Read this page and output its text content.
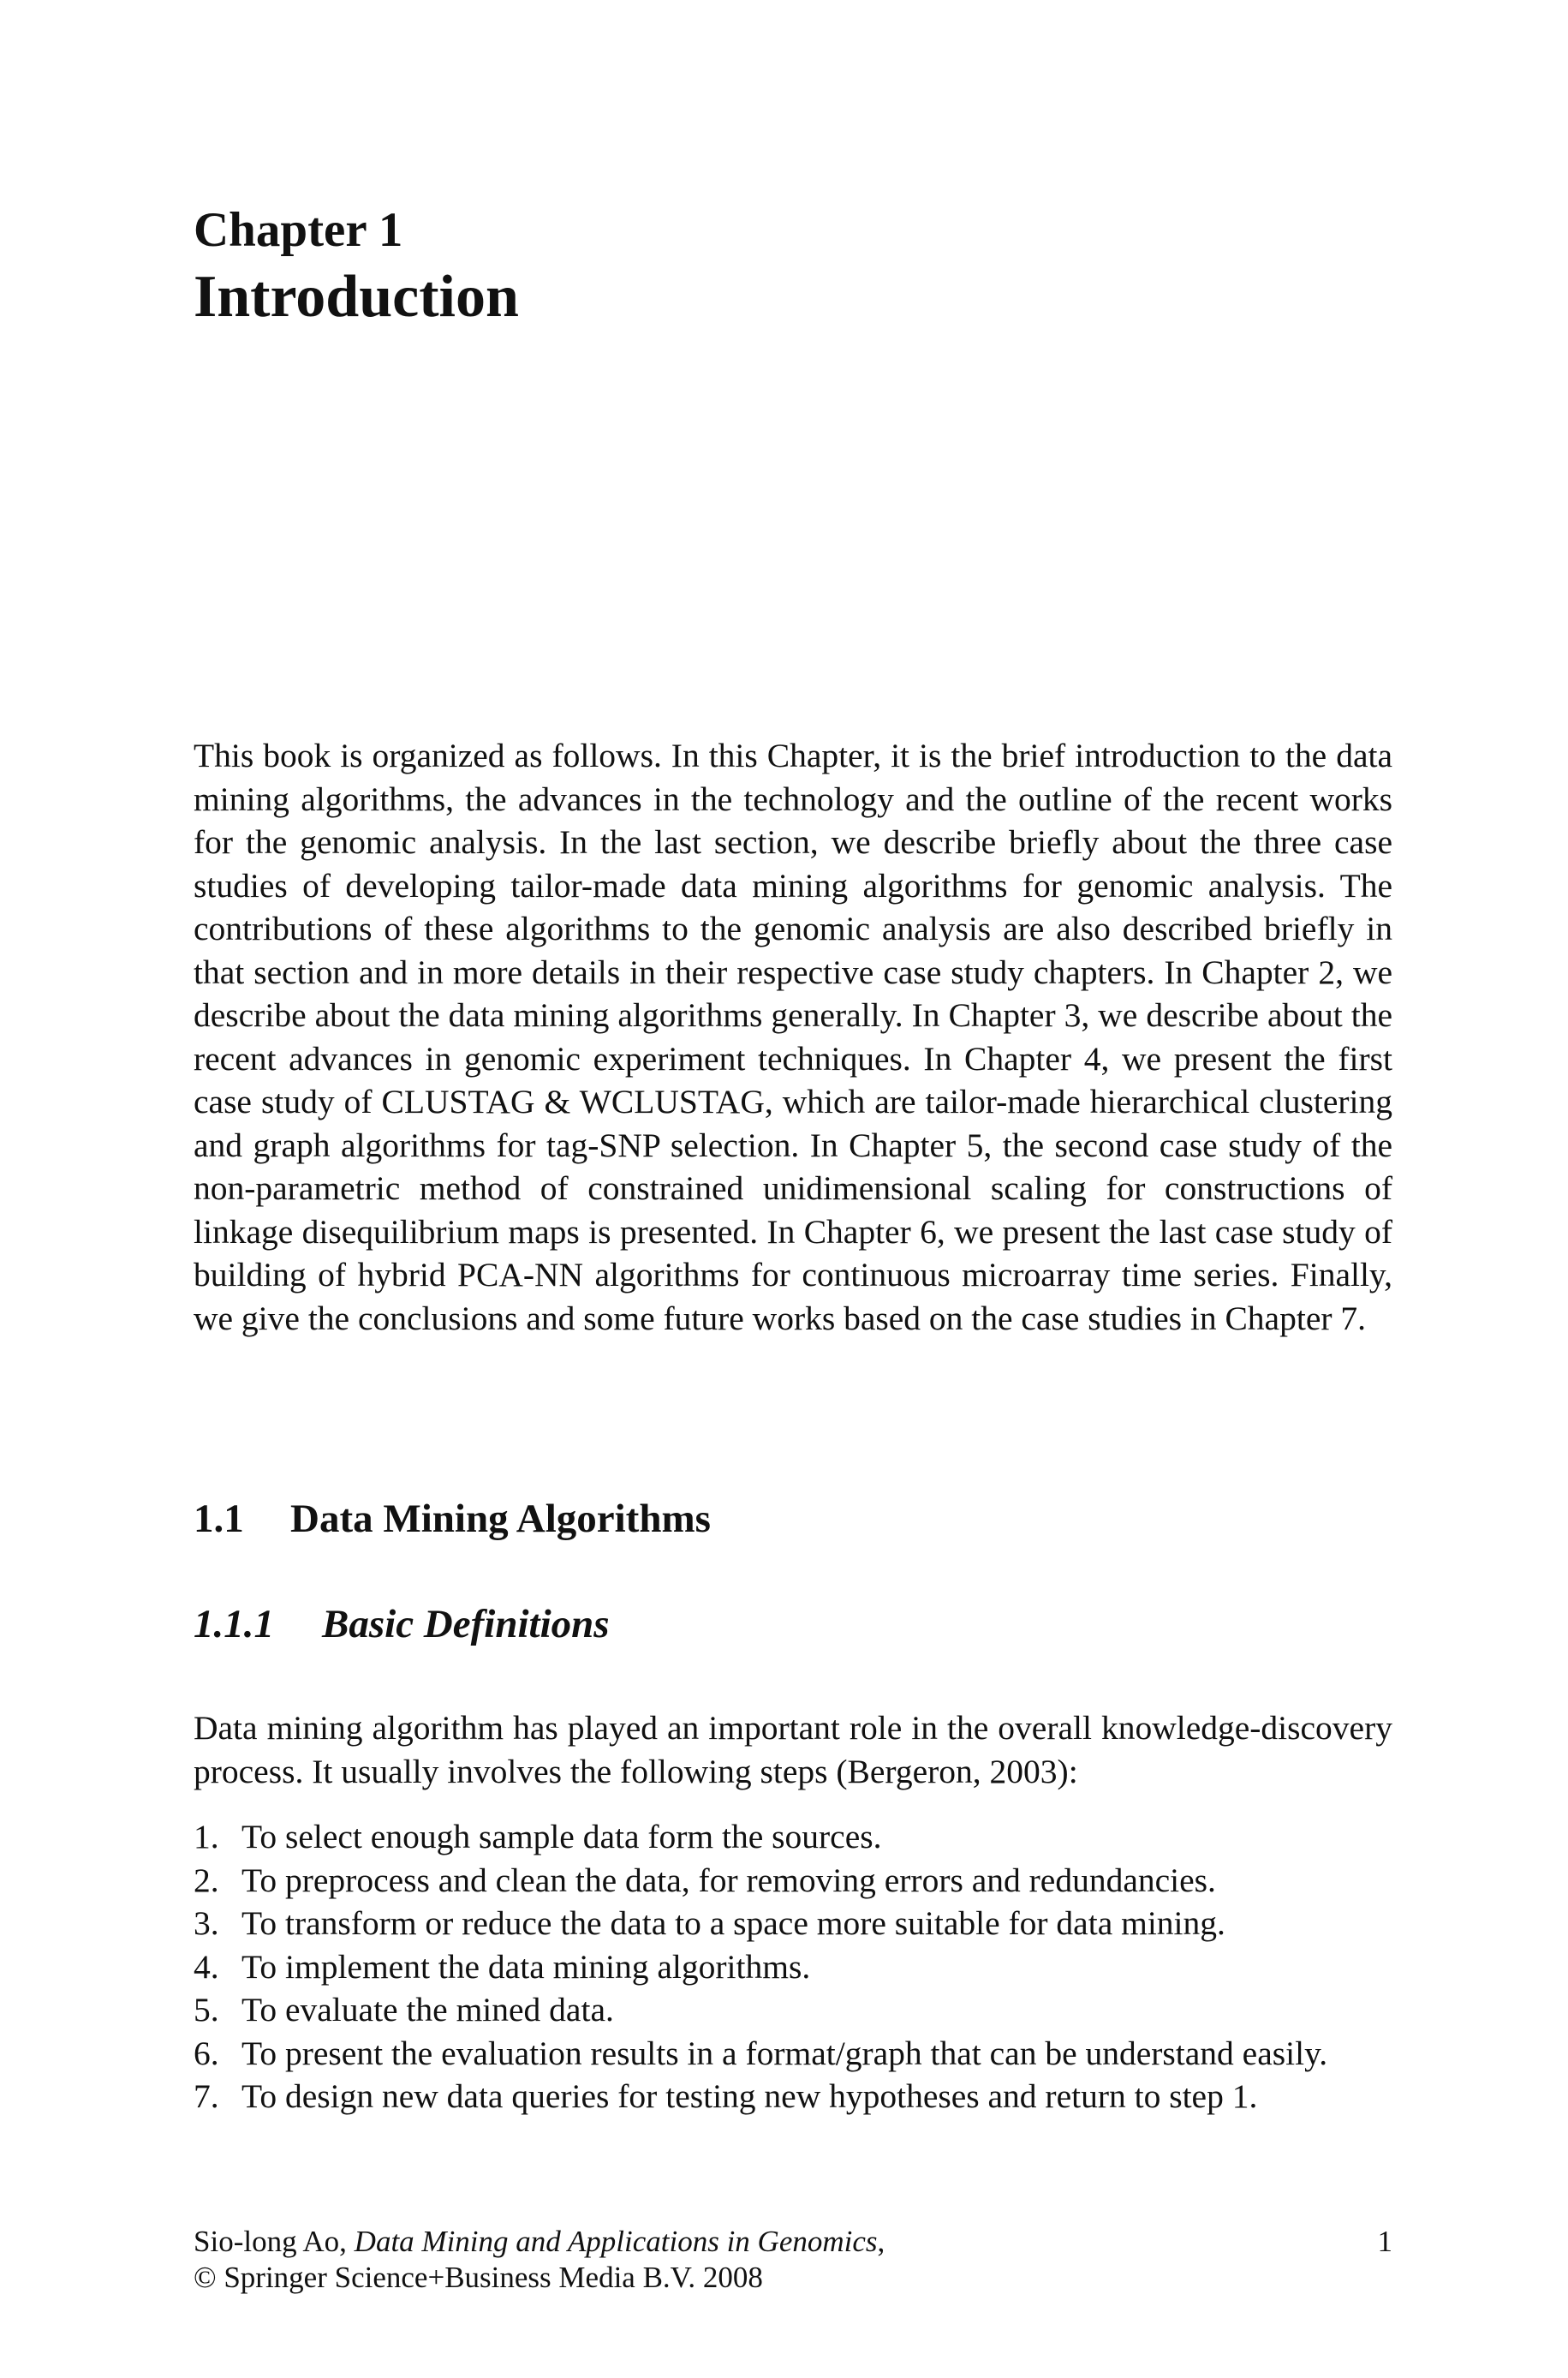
Chapter 1
Introduction

This book is organized as follows. In this Chapter, it is the brief introduction to the data mining algorithms, the advances in the technology and the outline of the recent works for the genomic analysis. In the last section, we describe briefly about the three case studies of developing tailor-made data mining algorithms for genomic analysis. The contributions of these algorithms to the genomic analysis are also described briefly in that section and in more details in their respective case study chapters. In Chapter 2, we describe about the data mining algorithms generally. In Chapter 3, we describe about the recent advances in genomic experiment techniques. In Chapter 4, we present the first case study of CLUSTAG & WCLUSTAG, which are tailor-made hierarchical clustering and graph algorithms for tag-SNP selection. In Chapter 5, the second case study of the non-parametric method of constrained unidimensional scaling for constructions of linkage disequilibrium maps is presented. In Chapter 6, we present the last case study of building of hybrid PCA-NN algorithms for continuous microarray time series. Finally, we give the conclusions and some future works based on the case studies in Chapter 7.

1.1 Data Mining Algorithms
1.1.1 Basic Definitions

Data mining algorithm has played an important role in the overall knowledge-discovery process. It usually involves the following steps (Bergeron, 2003):

1. To select enough sample data form the sources.
2. To preprocess and clean the data, for removing errors and redundancies.
3. To transform or reduce the data to a space more suitable for data mining.
4. To implement the data mining algorithms.
5. To evaluate the mined data.
6. To present the evaluation results in a format/graph that can be understand easily.
7. To design new data queries for testing new hypotheses and return to step 1.
Sio-long Ao, Data Mining and Applications in Genomics,	1
© Springer Science+Business Media B.V. 2008
